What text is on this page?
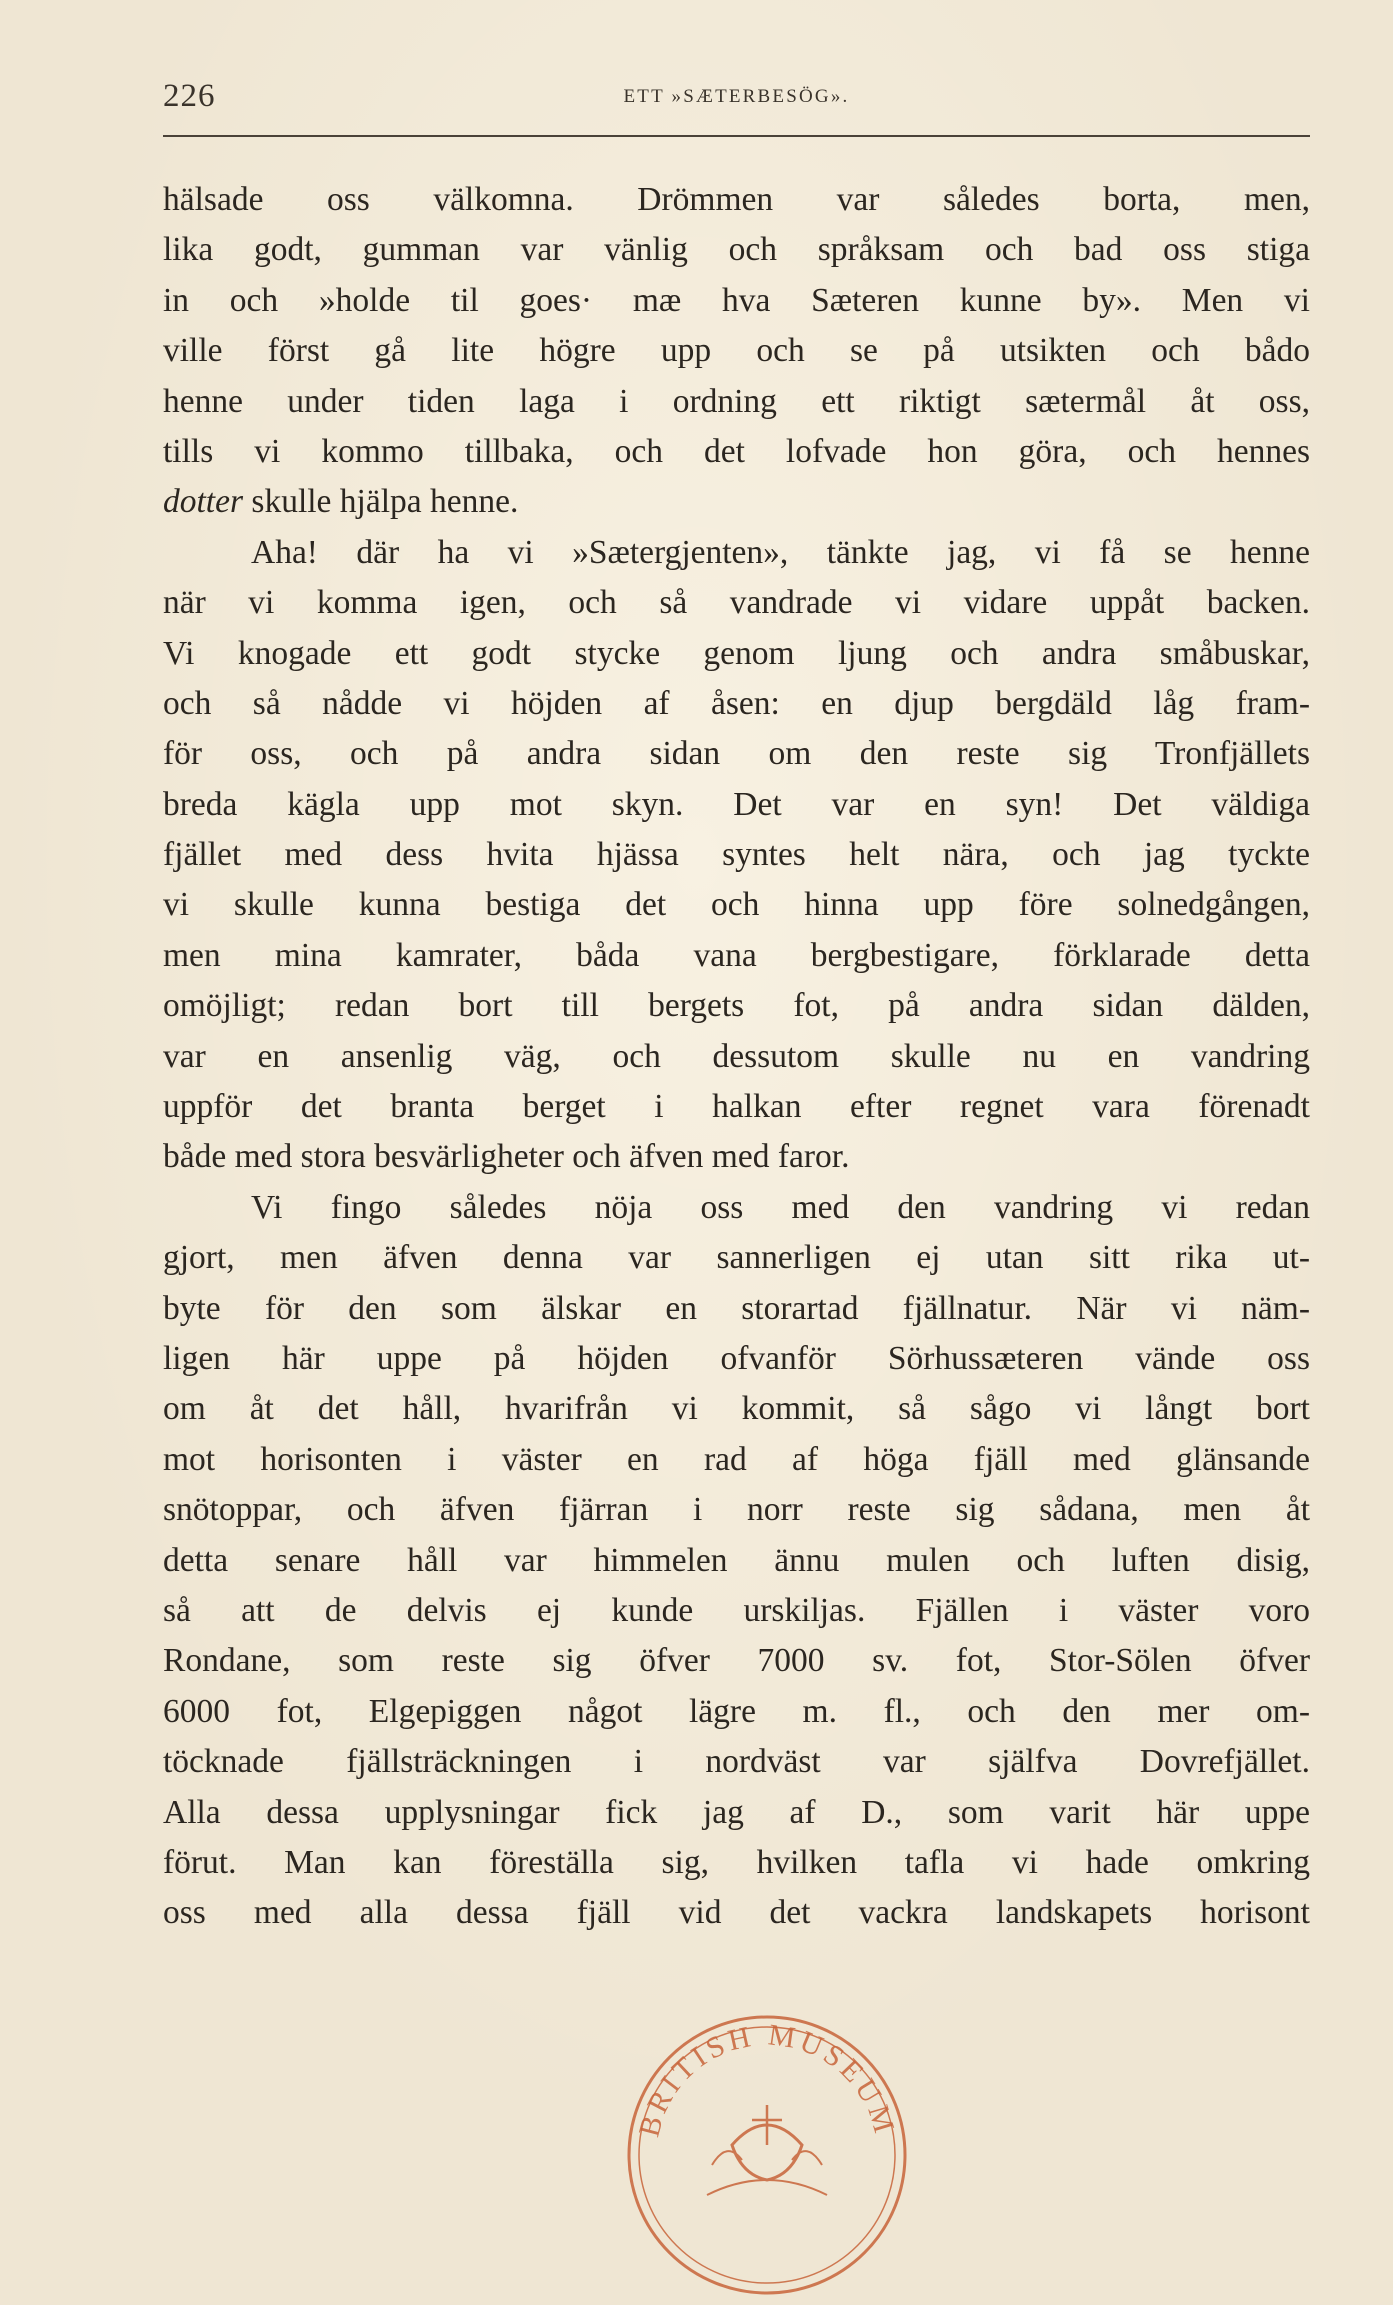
226	ETT »SÆTERBESÖG».
hälsade oss välkomna. Drömmen var således borta, men,
lika godt, gumman var vänlig och språksam och bad oss stiga
in och »holde til goes· mæ hva Sæteren kunne by». Men vi
ville först gå lite högre upp och se på utsikten och bådo
henne under tiden laga i ordning ett riktigt sætermål åt oss,
tills vi kommo tillbaka, och det lofvade hon göra, och hennes
dotter skulle hjälpa henne.
Aha! där ha vi »Sætergjenten», tänkte jag, vi få se henne
när vi komma igen, och så vandrade vi vidare uppåt backen.
Vi knogade ett godt stycke genom ljung och andra småbuskar,
och så nådde vi höjden af åsen: en djup bergdäld låg fram-
för oss, och på andra sidan om den reste sig Tronfjällets
breda kägla upp mot skyn. Det var en syn! Det väldiga
fjället med dess hvita hjässa syntes helt nära, och jag tyckte
vi skulle kunna bestiga det och hinna upp före solnedgången,
men mina kamrater, båda vana bergbestigare, förklarade detta
omöjligt; redan bort till bergets fot, på andra sidan dälden,
var en ansenlig väg, och dessutom skulle nu en vandring
uppför det branta berget i halkan efter regnet vara förenadt
både med stora besvärligheter och äfven med faror.
Vi fingo således nöja oss med den vandring vi redan
gjort, men äfven denna var sannerligen ej utan sitt rika ut-
byte för den som älskar en storartad fjällnatur. När vi näm-
ligen här uppe på höjden ofvanför Sörhussæteren vände oss
om åt det håll, hvarifrån vi kommit, så sågo vi långt bort
mot horisonten i väster en rad af höga fjäll med glänsande
snötoppar, och äfven fjärran i norr reste sig sådana, men åt
detta senare håll var himmelen ännu mulen och luften disig,
så att de delvis ej kunde urskiljas. Fjällen i väster voro
Rondane, som reste sig öfver 7000 sv. fot, Stor-Sölen öfver
6000 fot, Elgepiggen något lägre m. fl., och den mer om-
töcknade fjällsträckningen i nordväst var själfva Dovrefjället.
Alla dessa upplysningar fick jag af D., som varit här uppe
förut. Man kan föreställa sig, hvilken tafla vi hade omkring
oss med alla dessa fjäll vid det vackra landskapets horisont
BRITISH MUSEUM
